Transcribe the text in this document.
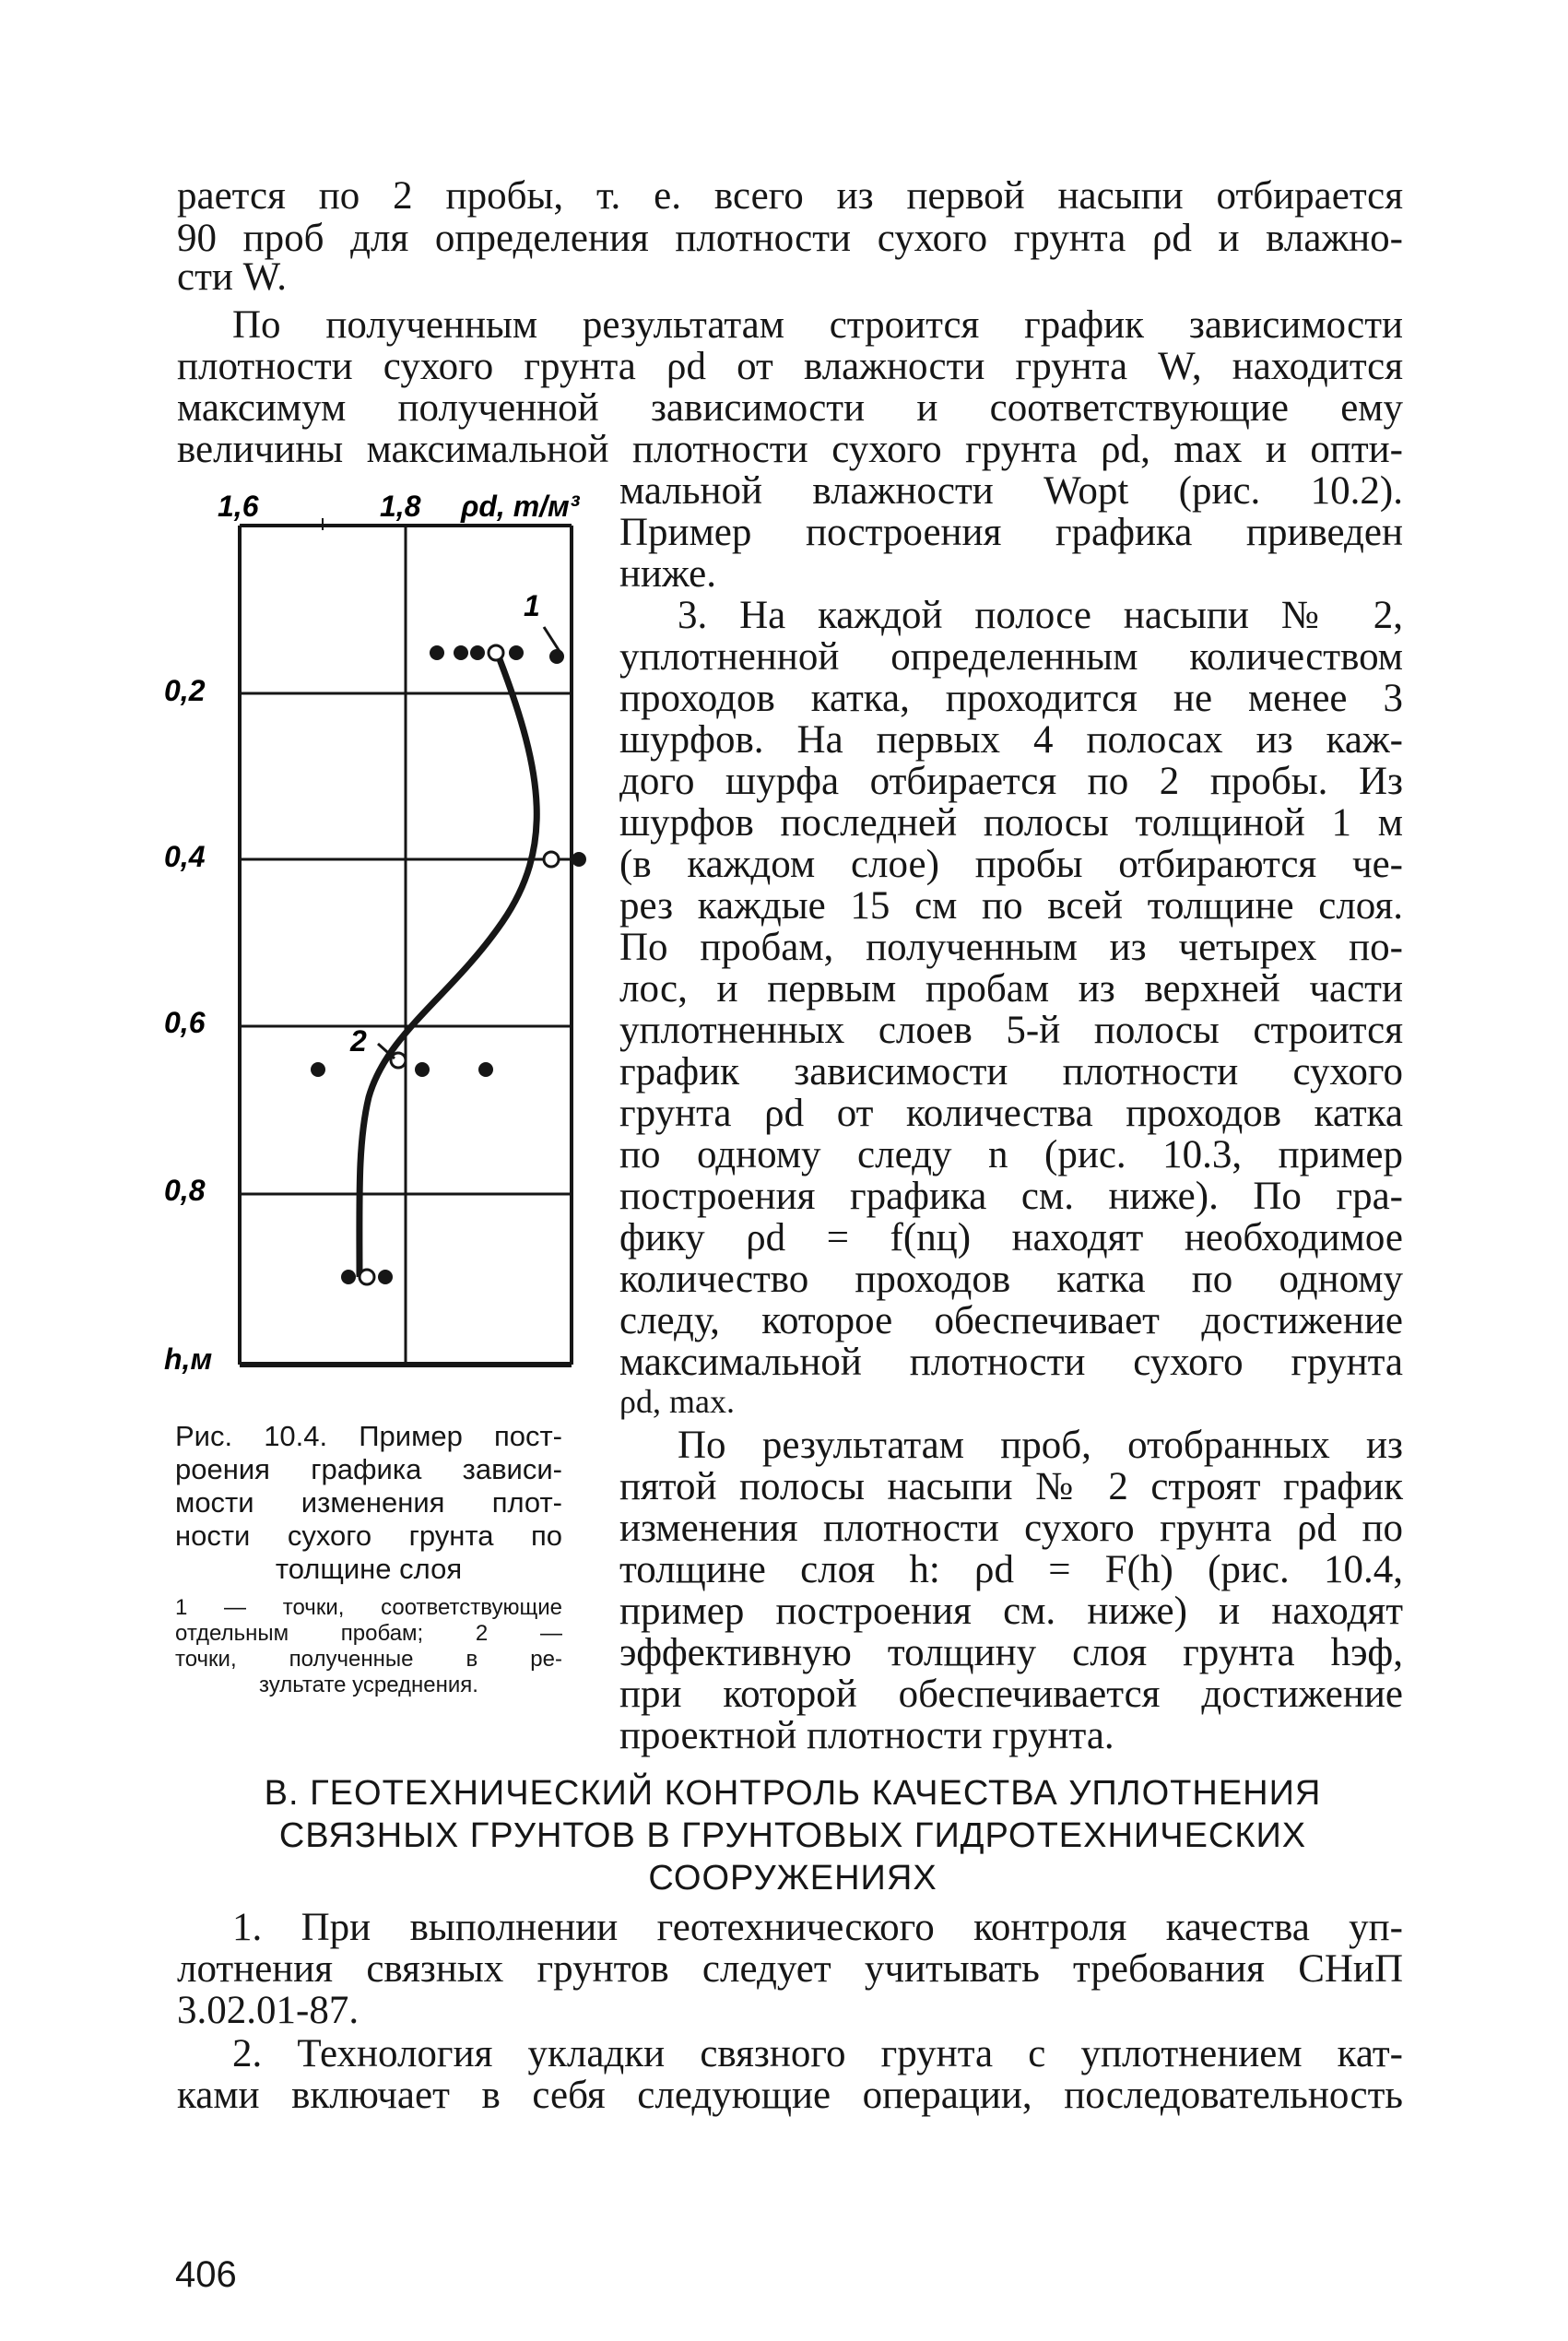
рается по 2 пробы, т. е. всего из первой насыпи отбирается
90 проб для определения плотности сухого грунта ρd и влажно-
сти W.
По полученным результатам строится график зависимости
плотности сухого грунта ρd от влажности грунта W, находится
максимум полученной зависимости и соответствующие ему
величины максимальной плотности сухого грунта ρd, max и опти-
мальной влажности Wopt (рис. 10.2).
Пример построения графика приведен
ниже.
3. На каждой полосе насыпи № 2,
уплотненной определенным количеством
проходов катка, проходится не менее 3
шурфов. На первых 4 полосах из каж-
дого шурфа отбирается по 2 пробы. Из
шурфов последней полосы толщиной 1 м
(в каждом слое) пробы отбираются че-
рез каждые 15 см по всей толщине слоя.
По пробам, полученным из четырех по-
лос, и первым пробам из верхней части
уплотненных слоев 5-й полосы строится
график зависимости плотности сухого
грунта ρd от количества проходов катка
по одному следу n (рис. 10.3, пример
построения графика см. ниже). По гра-
фику ρd = f(nц) находят необходимое
количество проходов катка по одному
следу, которое обеспечивает достижение
максимальной плотности сухого грунта
ρd, max.
По результатам проб, отобранных из
пятой полосы насыпи № 2 строят график
изменения плотности сухого грунта ρd по
толщине слоя h: ρd = F(h) (рис. 10.4,
пример построения см. ниже) и находят
эффективную толщину слоя грунта hэф,
при которой обеспечивается достижение
проектной плотности грунта.
1,6	1,8 ρd, т/м³
0,2
0,4
0,6
0,8
h,м
1
2
Рис. 10.4. Пример пост-
роения графика зависи-
мости изменения плот-
ности сухого грунта по
толщине слоя
1 — точки, соответствующие
отдельным пробам; 2 —
точки, полученные в ре-
зультате усреднения.
В. ГЕОТЕХНИЧЕСКИЙ КОНТРОЛЬ КАЧЕСТВА УПЛОТНЕНИЯ
СВЯЗНЫХ ГРУНТОВ В ГРУНТОВЫХ ГИДРОТЕХНИЧЕСКИХ
СООРУЖЕНИЯХ
1. При выполнении геотехнического контроля качества уп-
лотнения связных грунтов следует учитывать требования СНиП
3.02.01-87.
2. Технология укладки связного грунта с уплотнением кат-
ками включает в себя следующие операции, последовательность
406
